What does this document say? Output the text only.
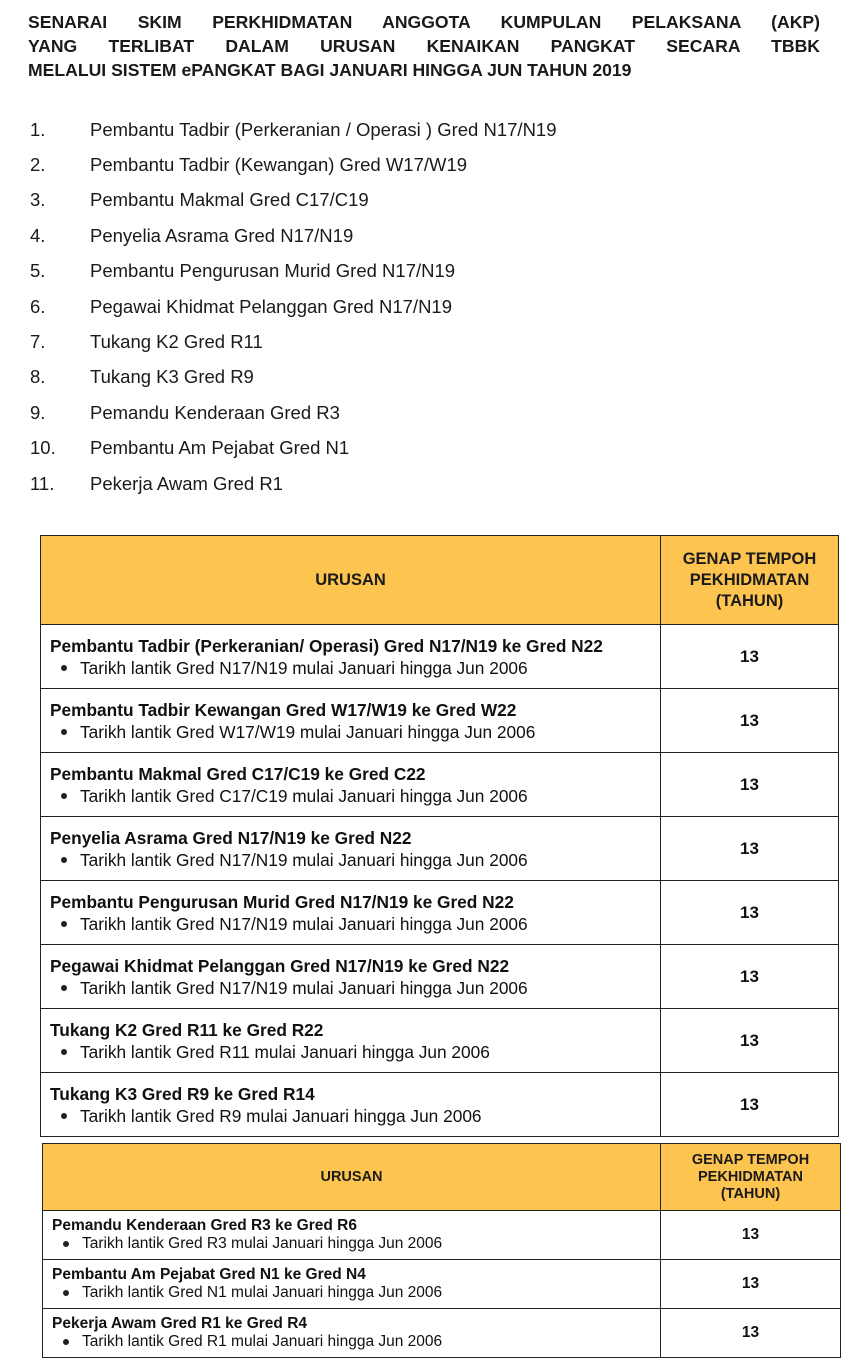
SENARAI SKIM PERKHIDMATAN ANGGOTA KUMPULAN PELAKSANA (AKP)
YANG TERLIBAT DALAM URUSAN KENAIKAN PANGKAT SECARA TBBK
MELALUI SISTEM ePANGKAT BAGI JANUARI HINGGA JUN TAHUN 2019
1.	Pembantu Tadbir (Perkeranian / Operasi ) Gred N17/N19
2.	Pembantu Tadbir (Kewangan) Gred W17/W19
3.	Pembantu Makmal Gred C17/C19
4.	Penyelia Asrama Gred N17/N19
5.	Pembantu Pengurusan Murid Gred N17/N19
6.	Pegawai Khidmat Pelanggan Gred N17/N19
7.	Tukang K2 Gred R11
8.	Tukang K3 Gred R9
9.	Pemandu Kenderaan Gred R3
10.	Pembantu Am Pejabat Gred N1
11.	Pekerja Awam Gred R1
URUSAN	GENAP TEMPOH
PEKHIDMATAN
(TAHUN)

Pembantu Tadbir (Perkeranian/ Operasi) Gred N17/N19 ke Gred N22
Tarikh lantik Gred N17/N19 mulai Januari hingga Jun 2006	13

Pembantu Tadbir Kewangan Gred W17/W19 ke Gred W22
Tarikh lantik Gred W17/W19 mulai Januari hingga Jun 2006	13

Pembantu Makmal Gred C17/C19 ke Gred C22
Tarikh lantik Gred C17/C19 mulai Januari hingga Jun 2006	13

Penyelia Asrama Gred N17/N19 ke Gred N22
Tarikh lantik Gred N17/N19 mulai Januari hingga Jun 2006	13

Pembantu Pengurusan Murid Gred N17/N19 ke Gred N22
Tarikh lantik Gred N17/N19 mulai Januari hingga Jun 2006	13

Pegawai Khidmat Pelanggan Gred N17/N19 ke Gred N22
Tarikh lantik Gred N17/N19 mulai Januari hingga Jun 2006	13

Tukang K2 Gred R11 ke Gred R22
Tarikh lantik Gred R11 mulai Januari hingga Jun 2006	13

Tukang K3 Gred R9 ke Gred R14
Tarikh lantik Gred R9 mulai Januari hingga Jun 2006	13
URUSAN	GENAP TEMPOH
PEKHIDMATAN
(TAHUN)

Pemandu Kenderaan Gred R3 ke Gred R6
Tarikh lantik Gred R3 mulai Januari hingga Jun 2006	13

Pembantu Am Pejabat Gred N1 ke Gred N4
Tarikh lantik Gred N1 mulai Januari hingga Jun 2006	13

Pekerja Awam Gred R1 ke Gred R4
Tarikh lantik Gred R1 mulai Januari hingga Jun 2006	13
